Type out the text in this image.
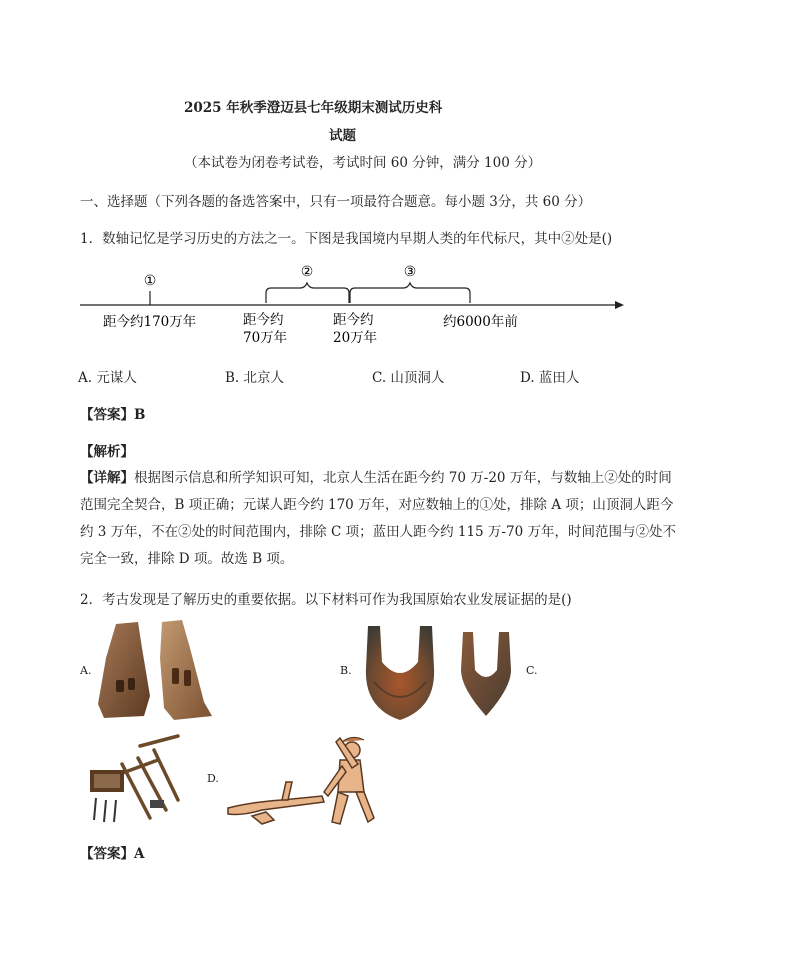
2025 年秋季澄迈县七年级期末测试历史科
试题
（本试卷为闭卷考试卷，考试时间 60 分钟，满分 100 分）
一、选择题（下列各题的备选答案中，只有一项最符合题意。每小题 3分，共 60 分）
1．数轴记忆是学习历史的方法之一。下图是我国境内早期人类的年代标尺，其中②处是()
①
②	③
距今约170万年	距今约
70万年
距今约
20万年
约6000年前
A. 元谋人	B. 北京人	C. 山顶洞人	D. 蓝田人
【答案】B
【解析】
【详解】根据图示信息和所学知识可知，北京人生活在距今约 70 万-20 万年，与数轴上②处的时间范围完全契合，B 项正确；元谋人距今约 170 万年，对应数轴上的①处，排除 A 项；山顶洞人距今约 3 万年，不在②处的时间范围内，排除 C 项；蓝田人距今约 115 万-70 万年，时间范围与②处不完全一致，排除 D 项。故选 B 项。
2．考古发现是了解历史的重要依据。以下材料可作为我国原始农业发展证据的是()
A.	B.	C.
D.
【答案】A
